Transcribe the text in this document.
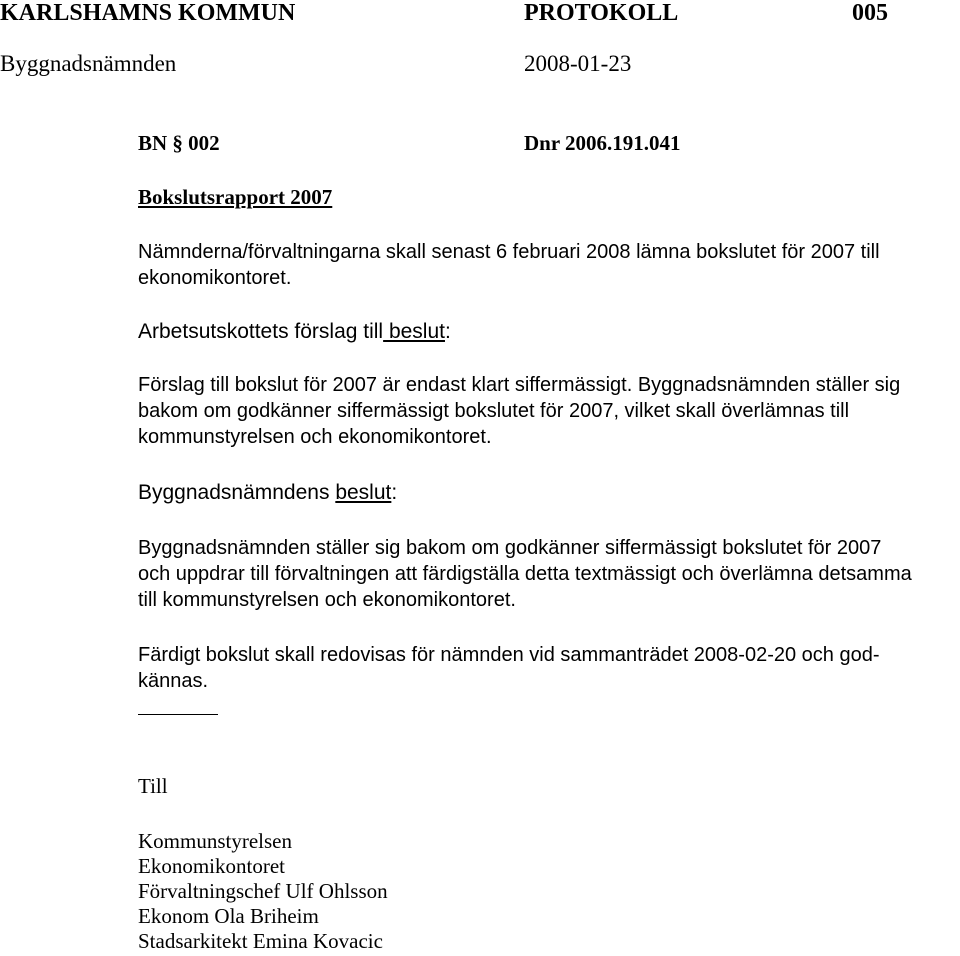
KARLSHAMNS KOMMUN	PROTOKOLL	005
Byggnadsnämnden	2008-01-23
BN § 002	Dnr 2006.191.041
Bokslutsrapport 2007
Nämnderna/förvaltningarna skall senast 6 februari 2008 lämna bokslutet för 2007 till
ekonomikontoret.
Arbetsutskottets förslag till beslut:
Förslag till bokslut för 2007 är endast klart siffermässigt. Byggnadsnämnden ställer sig
bakom om godkänner siffermässigt bokslutet för 2007, vilket skall överlämnas till
kommunstyrelsen och ekonomikontoret.
Byggnadsnämndens beslut:
Byggnadsnämnden ställer sig bakom om godkänner siffermässigt bokslutet för 2007
och uppdrar till förvaltningen att färdigställa detta textmässigt och överlämna detsamma
till kommunstyrelsen och ekonomikontoret.
Färdigt bokslut skall redovisas för nämnden vid sammanträdet 2008-02-20 och god-
kännas.
Till
Kommunstyrelsen
Ekonomikontoret
Förvaltningschef Ulf Ohlsson
Ekonom Ola Briheim
Stadsarkitekt Emina Kovacic
